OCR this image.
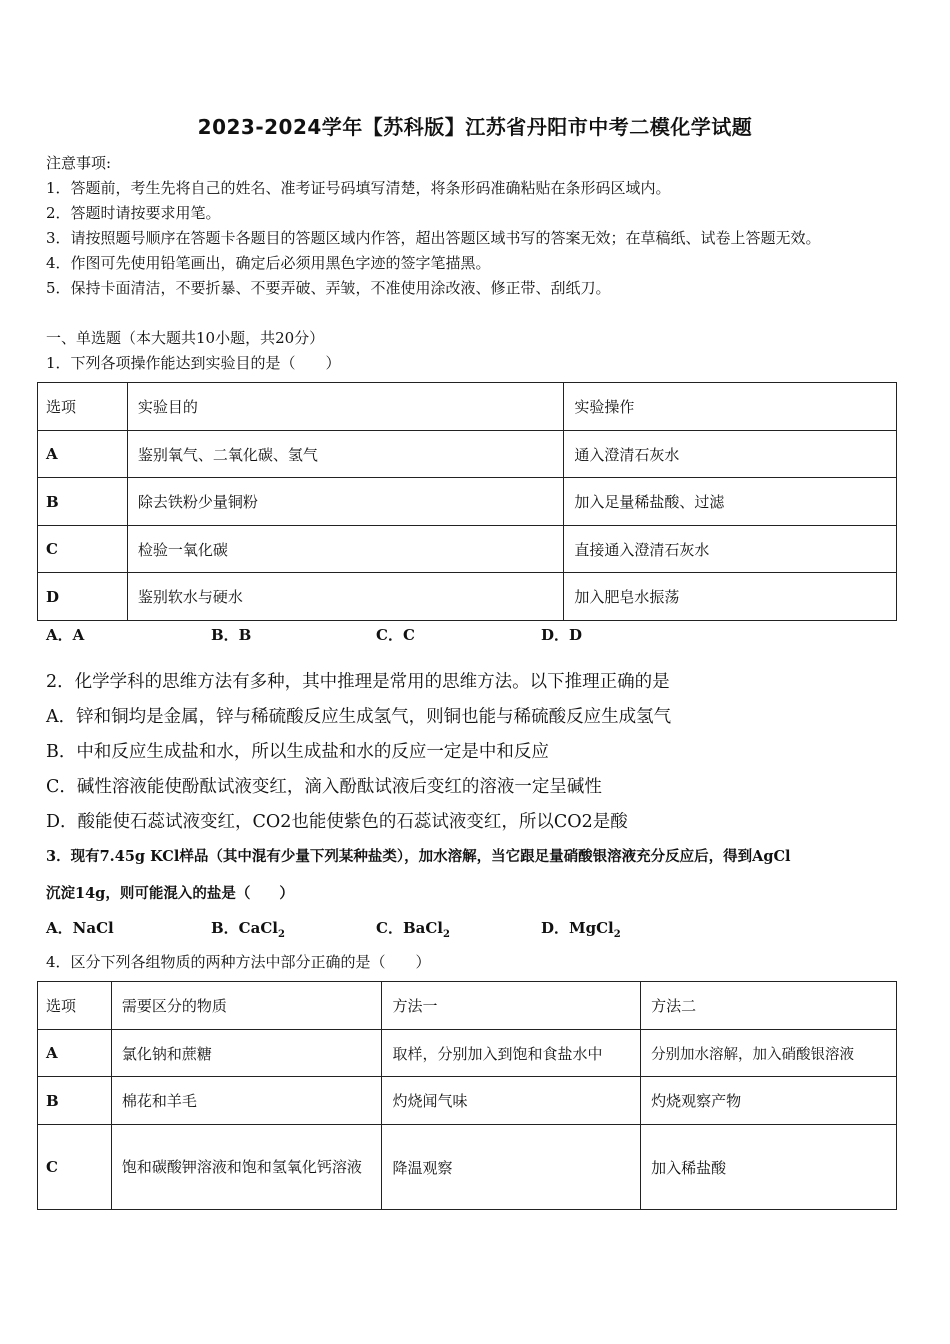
2023-2024学年【苏科版】江苏省丹阳市中考二模化学试题
注意事项:
1．答题前，考生先将自己的姓名、准考证号码填写清楚，将条形码准确粘贴在条形码区域内。
2．答题时请按要求用笔。
3．请按照题号顺序在答题卡各题目的答题区域内作答，超出答题区域书写的答案无效；在草稿纸、试卷上答题无效。
4．作图可先使用铅笔画出，确定后必须用黑色字迹的签字笔描黑。
5．保持卡面清洁，不要折暴、不要弄破、弄皱，不准使用涂改液、修正带、刮纸刀。
一、单选题（本大题共10小题，共20分）
1．下列各项操作能达到实验目的是（　　）
选项	实验目的	实验操作
A	鉴别氧气、二氧化碳、氢气	通入澄清石灰水
B	除去铁粉少量铜粉	加入足量稀盐酸、过滤
C	检验一氧化碳	直接通入澄清石灰水
D	鉴别软水与硬水	加入肥皂水振荡
A．A	B．B	C．C	D．D
2．化学学科的思维方法有多种，其中推理是常用的思维方法。以下推理正确的是
A．锌和铜均是金属，锌与稀硫酸反应生成氢气，则铜也能与稀硫酸反应生成氢气
B．中和反应生成盐和水，所以生成盐和水的反应一定是中和反应
C．碱性溶液能使酚酞试液变红，滴入酚酞试液后变红的溶液一定呈碱性
D．酸能使石蕊试液变红，CO2也能使紫色的石蕊试液变红，所以CO2是酸
3．现有7.45g KCl样品（其中混有少量下列某种盐类），加水溶解，当它跟足量硝酸银溶液充分反应后，得到AgCl
沉淀14g，则可能混入的盐是（　　）
A．NaCl	B．CaCl$_2$	C．BaCl$_2$	D．MgCl$_2$
4．区分下列各组物质的两种方法中部分正确的是（　　）
选项	需要区分的物质	方法一	方法二
A	氯化钠和蔗糖	取样，分别加入到饱和食盐水中	分别加水溶解，加入硝酸银溶液
B	棉花和羊毛	灼烧闻气味	灼烧观察产物
C	饱和碳酸钾溶液和饱和氢氧化钙溶液	降温观察	加入稀盐酸
